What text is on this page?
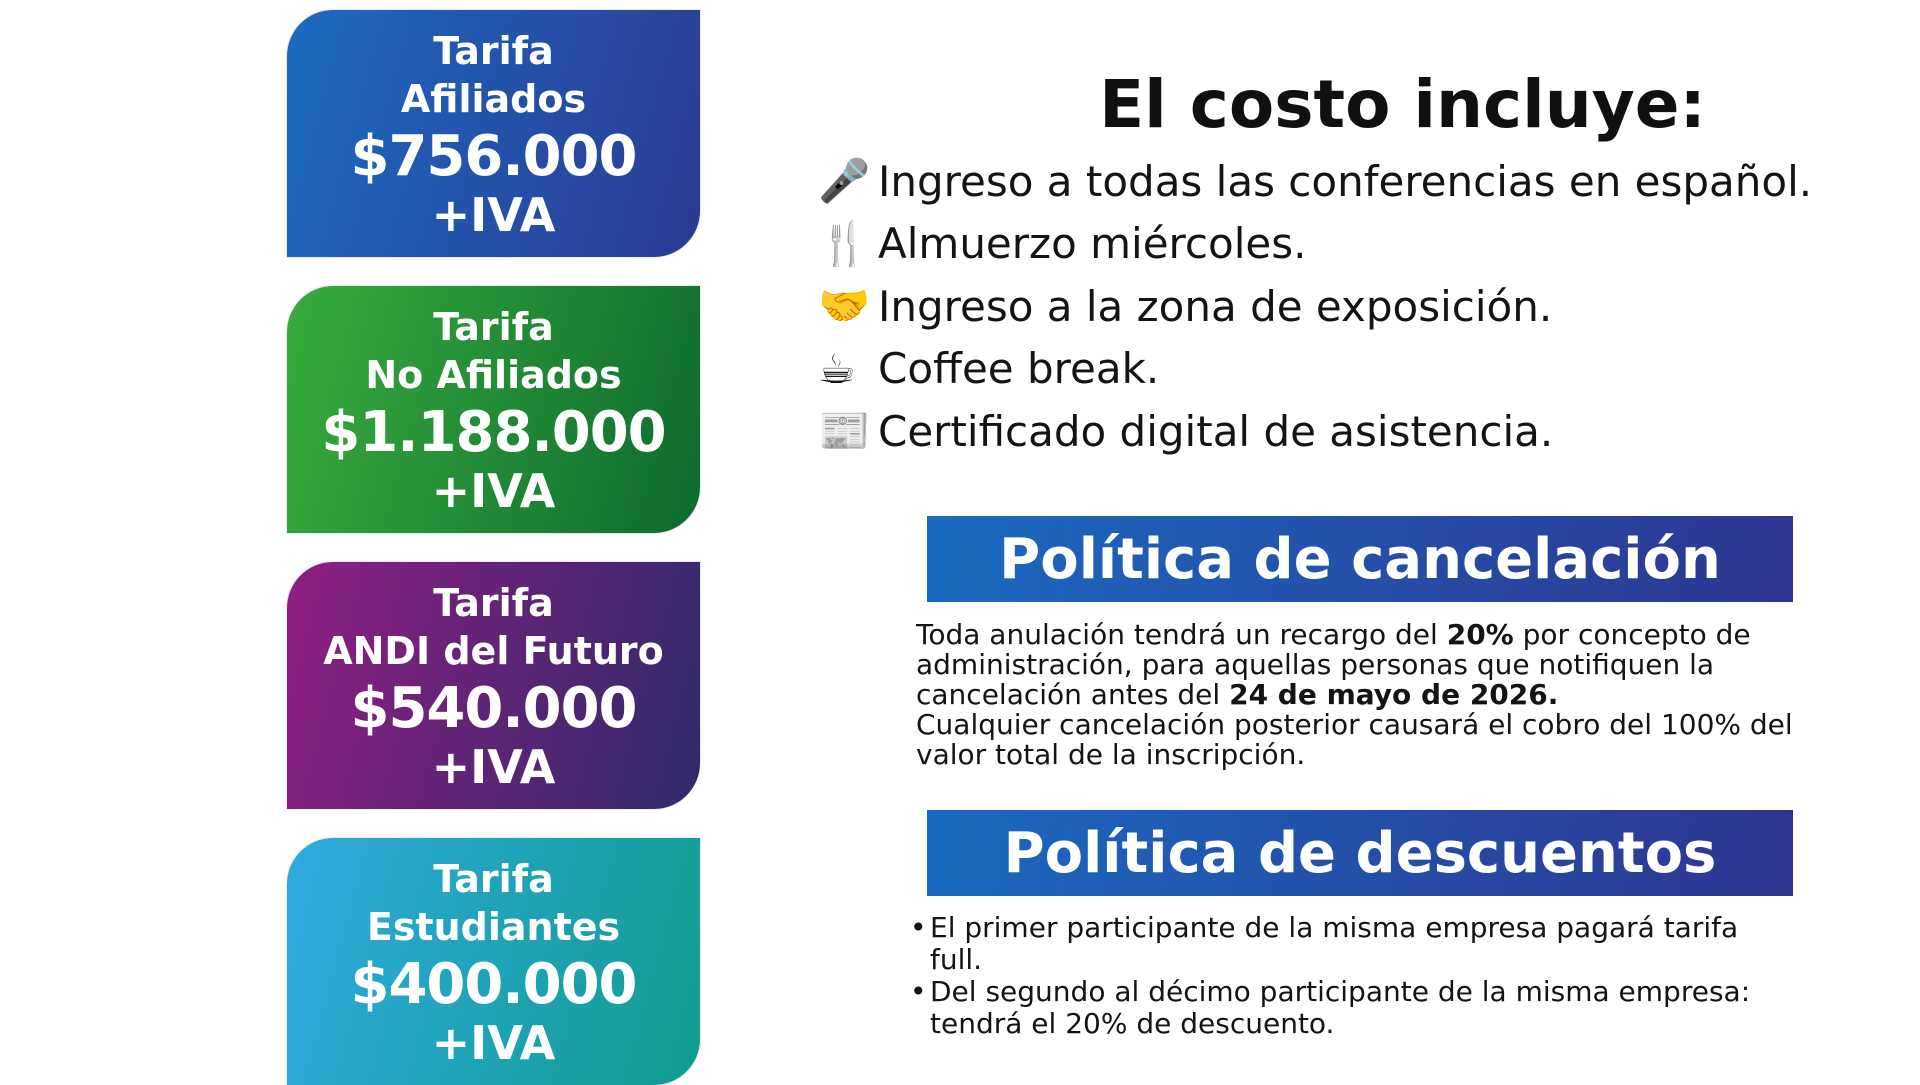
Tarifa
Afiliados
$756.000
+IVA
Tarifa
No Afiliados
$1.188.000
+IVA
Tarifa
ANDI del Futuro
$540.000
+IVA
Tarifa
Estudiantes
$400.000
+IVA
El costo incluye:
🎤 Ingreso a todas las conferencias en español.
🍴 Almuerzo miércoles.
🤝 Ingreso a la zona de exposición.
☕ Coffee break.
📰 Certificado digital de asistencia.
Política de cancelación

Toda anulación tendrá un recargo del 20% por concepto de administración, para aquellas personas que notifiquen la cancelación antes del 24 de mayo de 2026.

Cualquier cancelación posterior causará el cobro del 100% del valor total de la inscripción.

Política de descuentos
• El primer participante de la misma empresa pagará tarifa full.
• Del segundo al décimo participante de la misma empresa: tendrá el 20% de descuento.
